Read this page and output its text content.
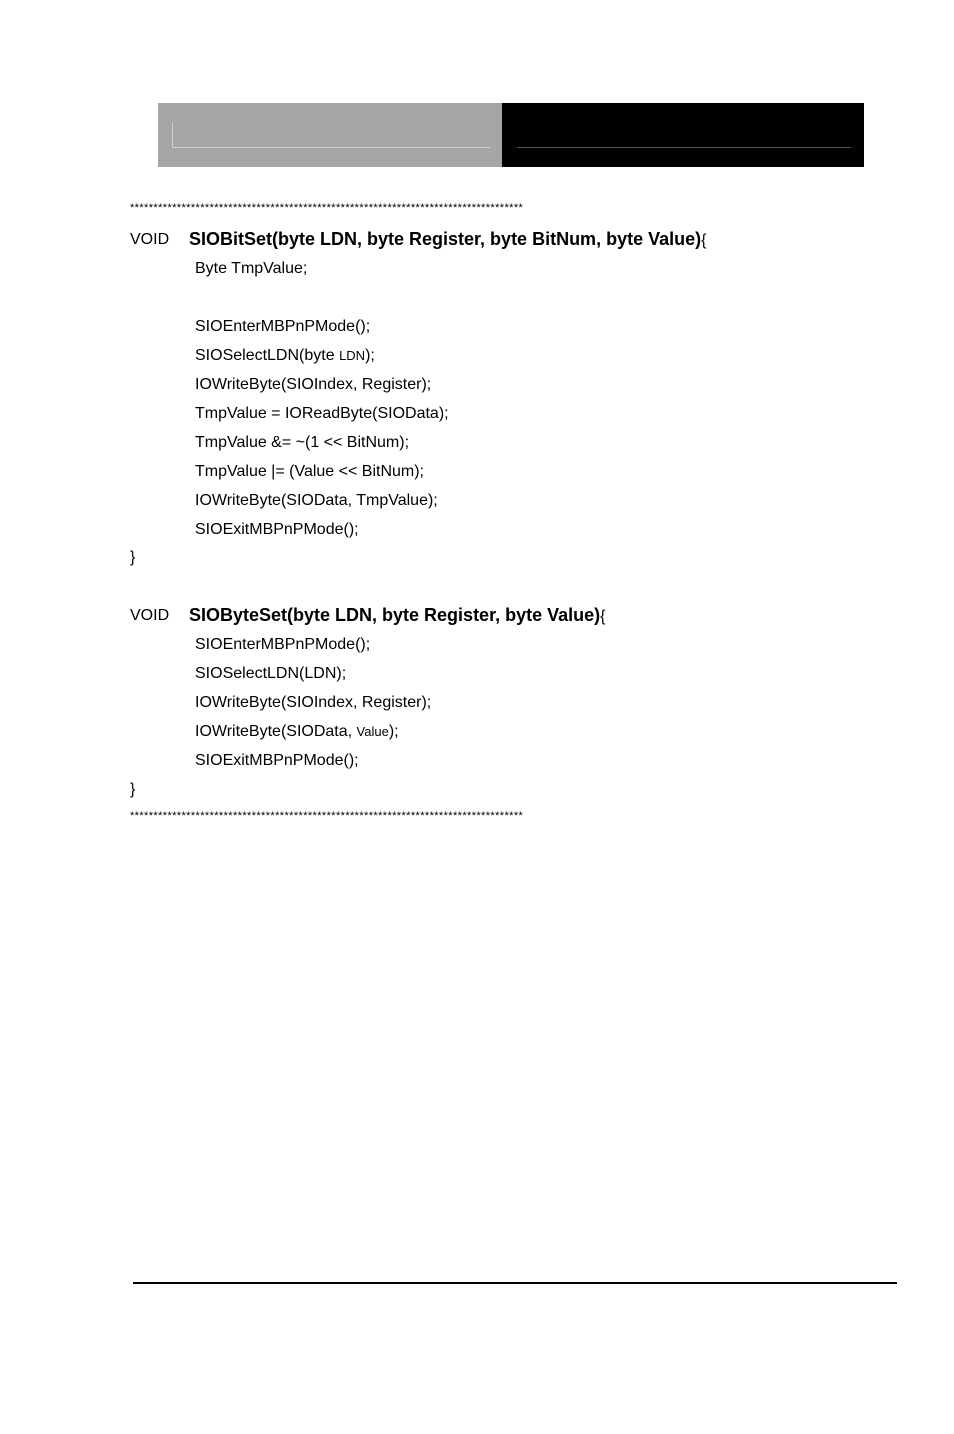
************************************************************************************
VOID SIOBitSet(byte LDN, byte Register, byte BitNum, byte Value){
Byte TmpValue;
SIOEnterMBPnPMode();
SIOSelectLDN(byte LDN);
IOWriteByte(SIOIndex, Register);
TmpValue = IOReadByte(SIOData);
TmpValue &= ~(1 << BitNum);
TmpValue |= (Value << BitNum);
IOWriteByte(SIOData, TmpValue);
SIOExitMBPnPMode();
}
VOID SIOByteSet(byte LDN, byte Register, byte Value){
SIOEnterMBPnPMode();
SIOSelectLDN(LDN);
IOWriteByte(SIOIndex, Register);
IOWriteByte(SIOData, Value);
SIOExitMBPnPMode();
}
************************************************************************************
